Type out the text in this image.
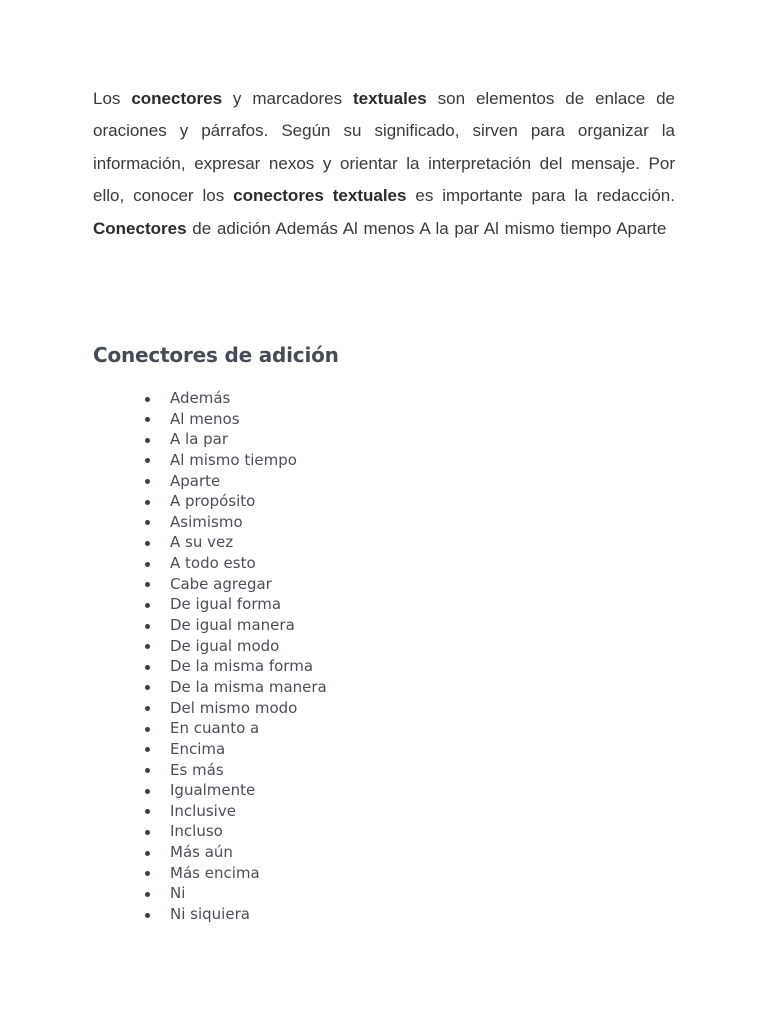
Los conectores y marcadores textuales son elementos de enlace de oraciones y párrafos. Según su significado, sirven para organizar la información, expresar nexos y orientar la interpretación del mensaje. Por ello, conocer los conectores textuales es importante para la redacción. Conectores de adición Además Al menos A la par Al mismo tiempo Aparte

Conectores de adición
Además
Al menos
A la par
Al mismo tiempo
Aparte
A propósito
Asimismo
A su vez
A todo esto
Cabe agregar
De igual forma
De igual manera
De igual modo
De la misma forma
De la misma manera
Del mismo modo
En cuanto a
Encima
Es más
Igualmente
Inclusive
Incluso
Más aún
Más encima
Ni
Ni siquiera
